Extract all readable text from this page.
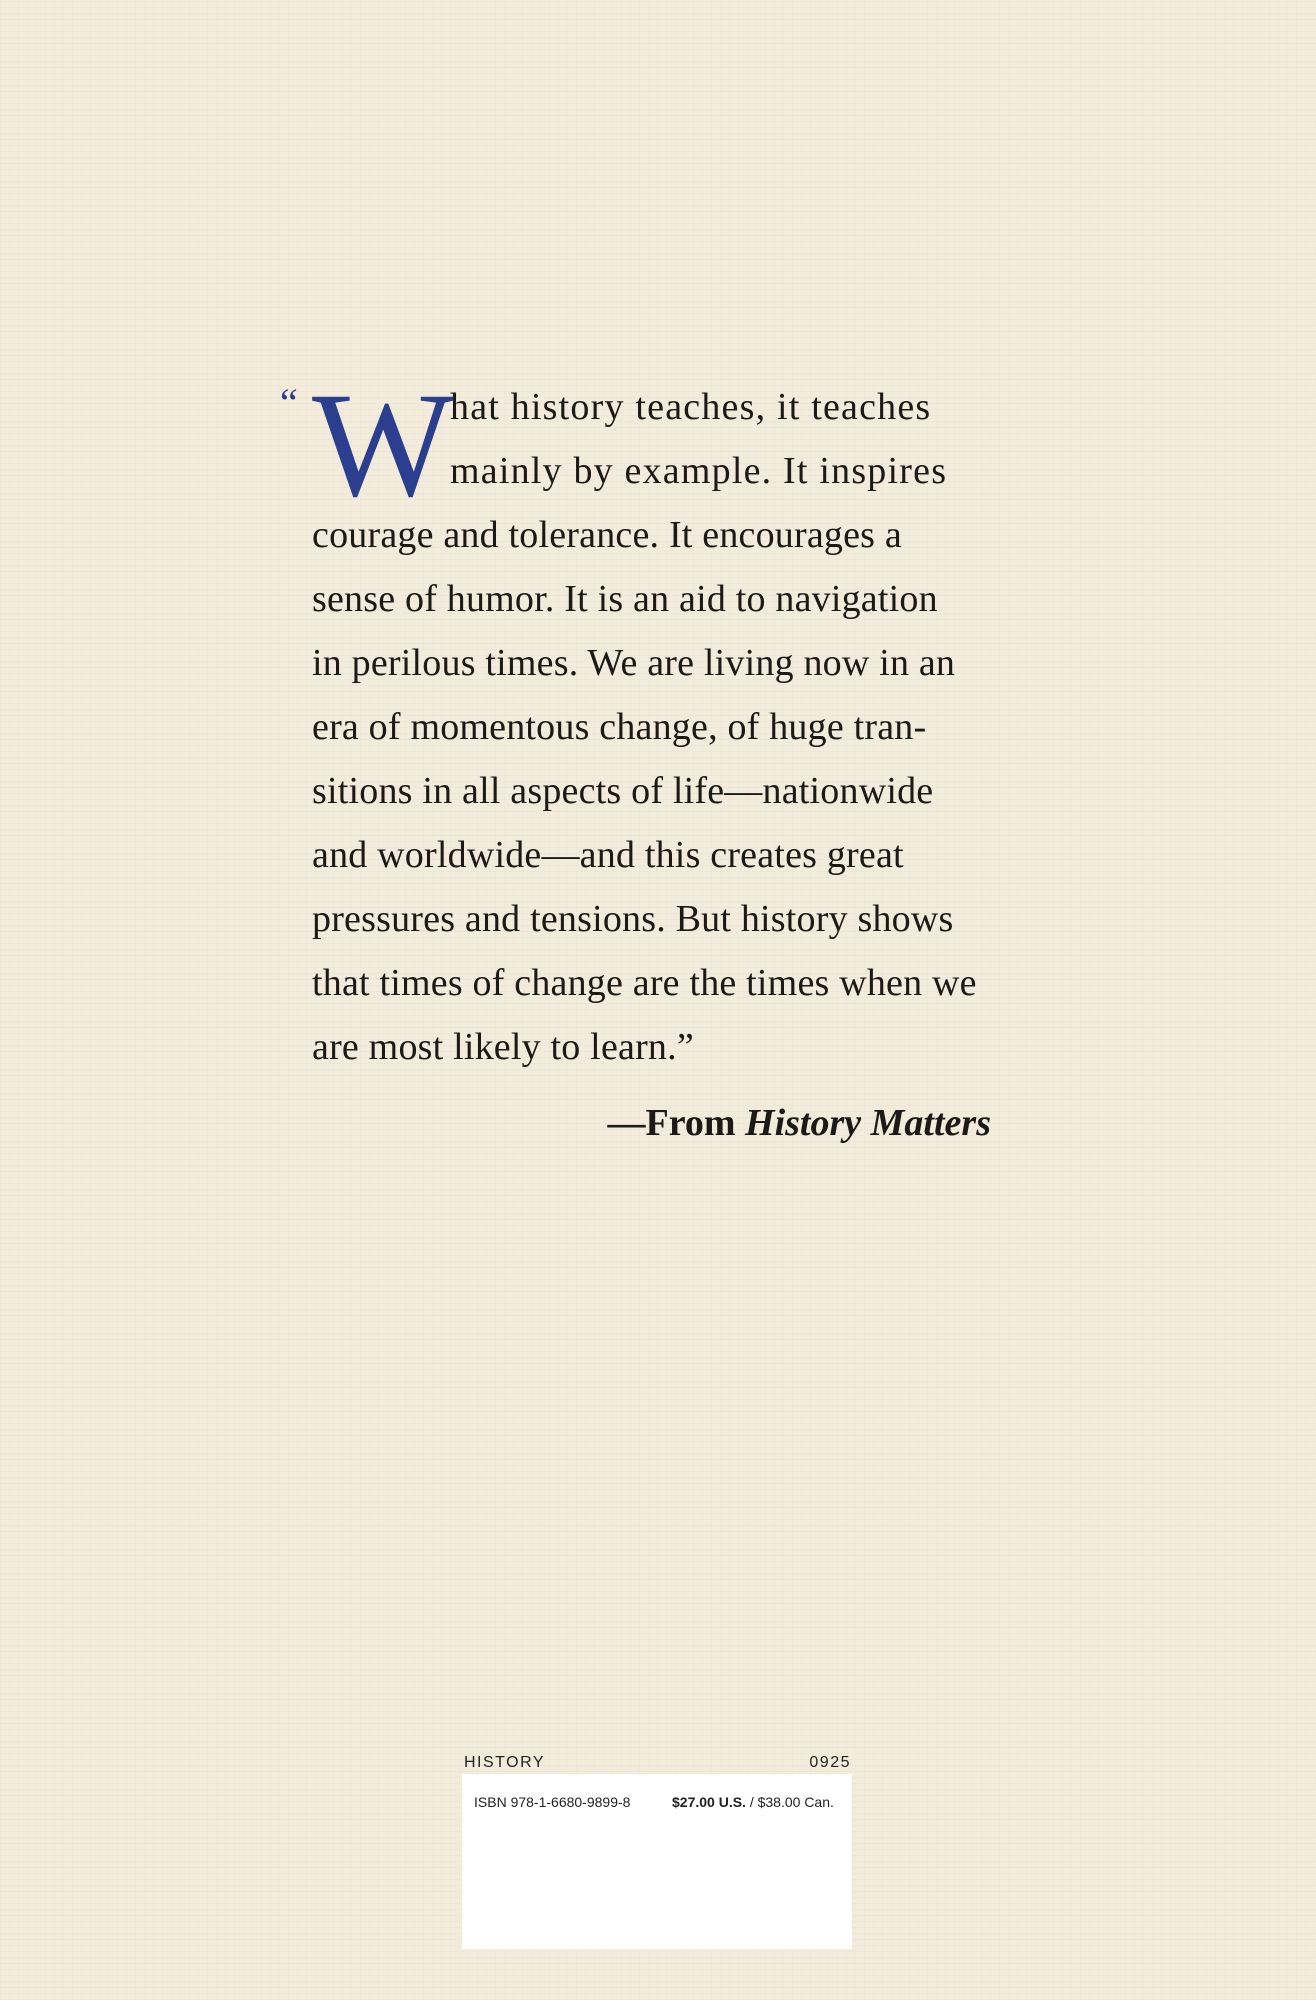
“ W
hat history teaches, it teaches
mainly by example. It inspires
courage and tolerance. It encourages a
sense of humor. It is an aid to navigation
in perilous times. We are living now in an
era of momentous change, of huge tran-
sitions in all aspects of life—nationwide
and worldwide—and this creates great
pressures and tensions. But history shows
that times of change are the times when we
are most likely to learn.”
—From History Matters
HISTORY	0925
ISBN 978-1-6680-9899-8	$27.00 U.S. / $38.00 Can.
